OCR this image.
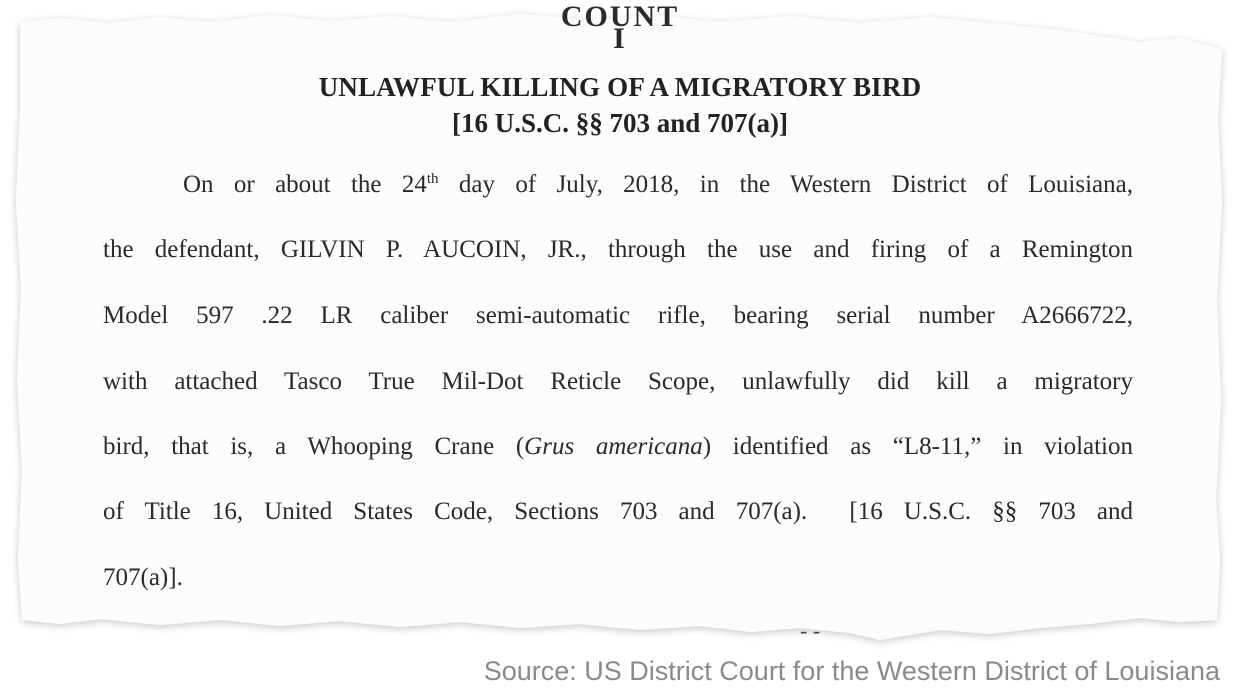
COUNT I
UNLAWFUL KILLING OF A MIGRATORY BIRD
[16 U.S.C. §§ 703 and 707(a)]

On or about the 24th day of July, 2018, in the Western District of Louisiana,

the defendant, GILVIN P. AUCOIN, JR., through the use and firing of a Remington

Model 597 .22 LR caliber semi-automatic rifle, bearing serial number A2666722,

with attached Tasco True Mil-Dot Reticle Scope, unlawfully did kill a migratory

bird, that is, a Whooping Crane (Grus americana) identified as “L8-11,” in violation

of Title 16, United States Code, Sections 703 and 707(a).  [16 U.S.C. §§ 703 and

707(a)].

- -

Source: US District Court for the Western District of Louisiana
